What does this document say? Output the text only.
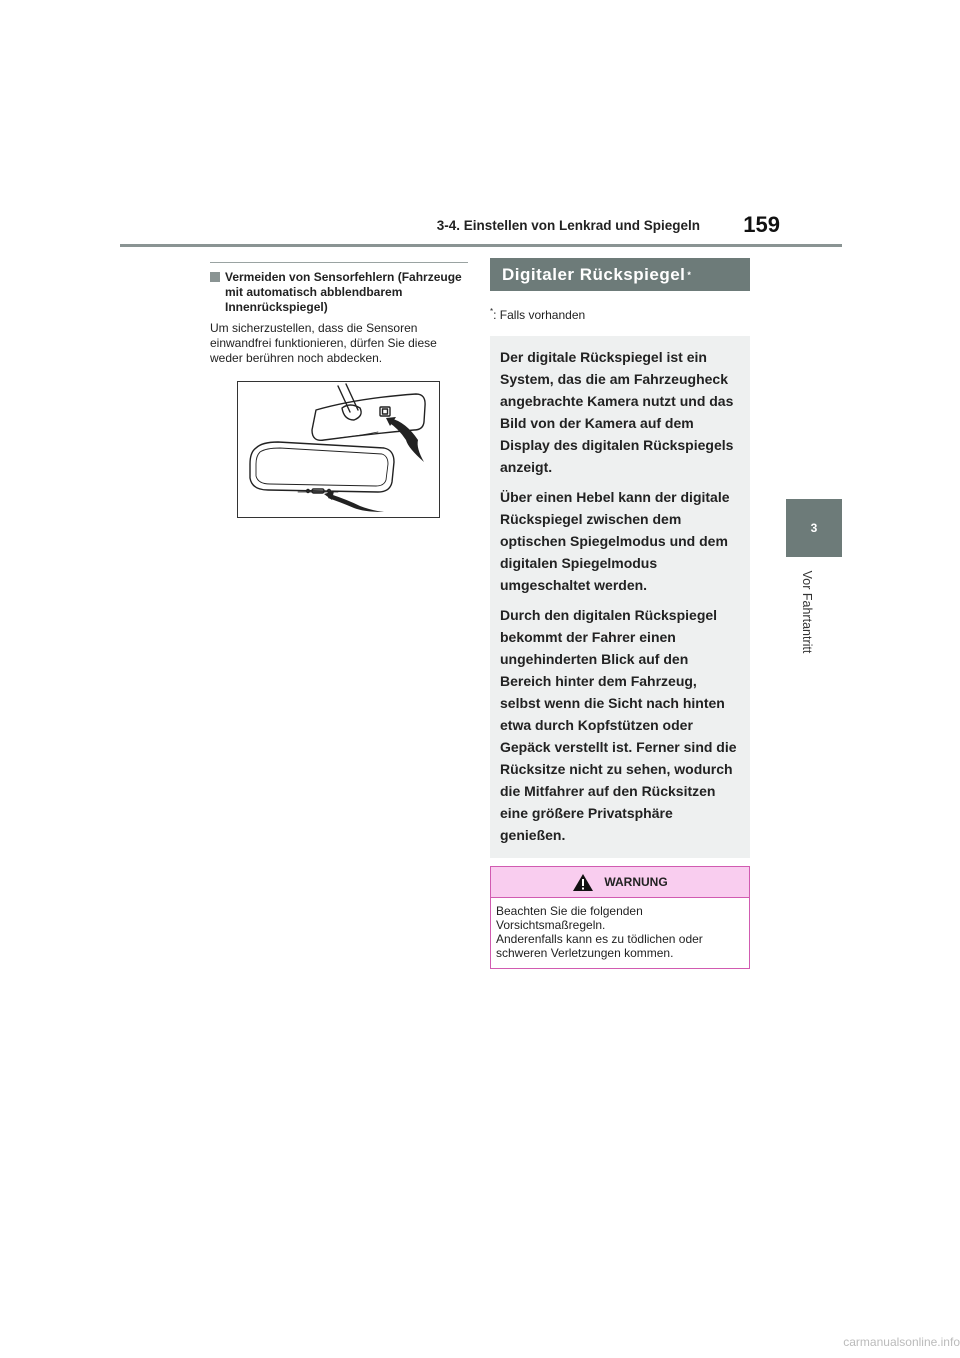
3-4. Einstellen von Lenkrad und Spiegeln	159
3
Vor Fahrtantritt
Vermeiden von Sensorfehlern (Fahrzeuge mit automatisch abblendbarem Innenrückspiegel)
Um sicherzustellen, dass die Sensoren einwandfrei funktionieren, dürfen Sie diese weder berühren noch abdecken.
Digitaler Rückspiegel *
*: Falls vorhanden

Der digitale Rückspiegel ist ein System, das die am Fahrzeugheck angebrachte Kamera nutzt und das Bild von der Kamera auf dem Display des digitalen Rückspiegels anzeigt.

Über einen Hebel kann der digitale Rückspiegel zwischen dem optischen Spiegelmodus und dem digitalen Spiegelmodus umgeschaltet werden.

Durch den digitalen Rückspiegel bekommt der Fahrer einen ungehinderten Blick auf den Bereich hinter dem Fahrzeug, selbst wenn die Sicht nach hinten etwa durch Kopfstützen oder Gepäck verstellt ist. Ferner sind die Rücksitze nicht zu sehen, wodurch die Mitfahrer auf den Rücksitzen eine größere Privatsphäre genießen.

WARNUNG
Beachten Sie die folgenden Vorsichtsmaßregeln.
Anderenfalls kann es zu tödlichen oder schweren Verletzungen kommen.
carmanualsonline.info
